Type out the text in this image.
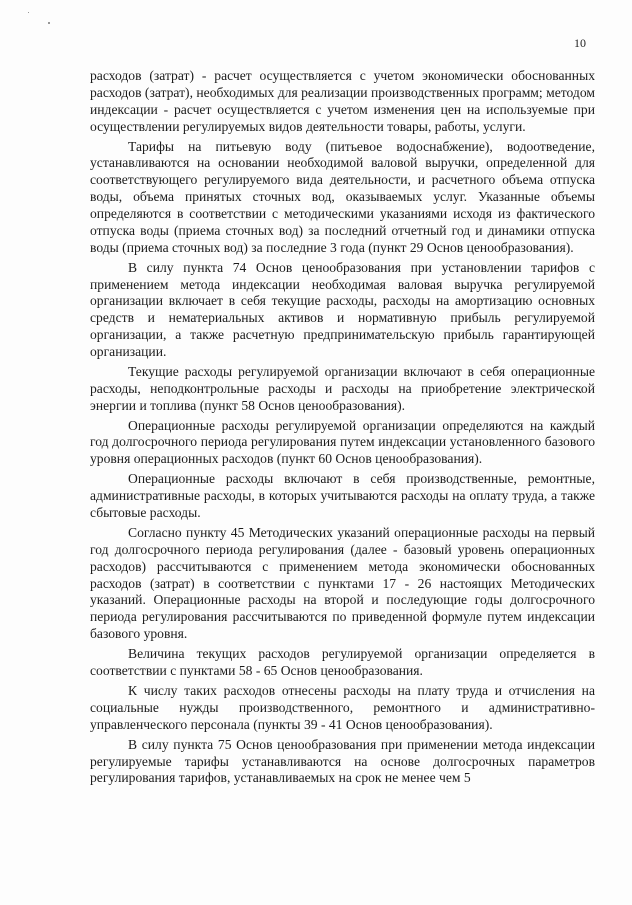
10

расходов (затрат) - расчет осуществляется с учетом экономически обоснованных расходов (затрат), необходимых для реализации производственных программ; методом индексации - расчет осуществляется с учетом изменения цен на используемые при осуществлении регулируемых видов деятельности товары, работы, услуги.

Тарифы на питьевую воду (питьевое водоснабжение), водоотведение, устанавливаются на основании необходимой валовой выручки, определенной для соответствующего регулируемого вида деятельности, и расчетного объема отпуска воды, объема принятых сточных вод, оказываемых услуг. Указанные объемы определяются в соответствии с методическими указаниями исходя из фактического отпуска воды (приема сточных вод) за последний отчетный год и динамики отпуска воды (приема сточных вод) за последние 3 года (пункт 29 Основ ценообразования).

В силу пункта 74 Основ ценообразования при установлении тарифов с применением метода индексации необходимая валовая выручка регулируемой организации включает в себя текущие расходы, расходы на амортизацию основных средств и нематериальных активов и нормативную прибыль регулируемой организации, а также расчетную предпринимательскую прибыль гарантирующей организации.

Текущие расходы регулируемой организации включают в себя операционные расходы, неподконтрольные расходы и расходы на приобретение электрической энергии и топлива (пункт 58 Основ ценообразования).

Операционные расходы регулируемой организации определяются на каждый год долгосрочного периода регулирования путем индексации установленного базового уровня операционных расходов (пункт 60 Основ ценообразования).

Операционные расходы включают в себя производственные, ремонтные, административные расходы, в которых учитываются расходы на оплату труда, а также сбытовые расходы.

Согласно пункту 45 Методических указаний операционные расходы на первый год долгосрочного периода регулирования (далее - базовый уровень операционных расходов) рассчитываются с применением метода экономически обоснованных расходов (затрат) в соответствии с пунктами 17 - 26 настоящих Методических указаний. Операционные расходы на второй и последующие годы долгосрочного периода регулирования рассчитываются по приведенной формуле путем индексации базового уровня.

Величина текущих расходов регулируемой организации определяется в соответствии с пунктами 58 - 65 Основ ценообразования.

К числу таких расходов отнесены расходы на плату труда и отчисления на социальные нужды производственного, ремонтного и административно-управленческого персонала (пункты 39 - 41 Основ ценообразования).

В силу пункта 75 Основ ценообразования при применении метода индексации регулируемые тарифы устанавливаются на основе долгосрочных параметров регулирования тарифов, устанавливаемых на срок не менее чем 5
